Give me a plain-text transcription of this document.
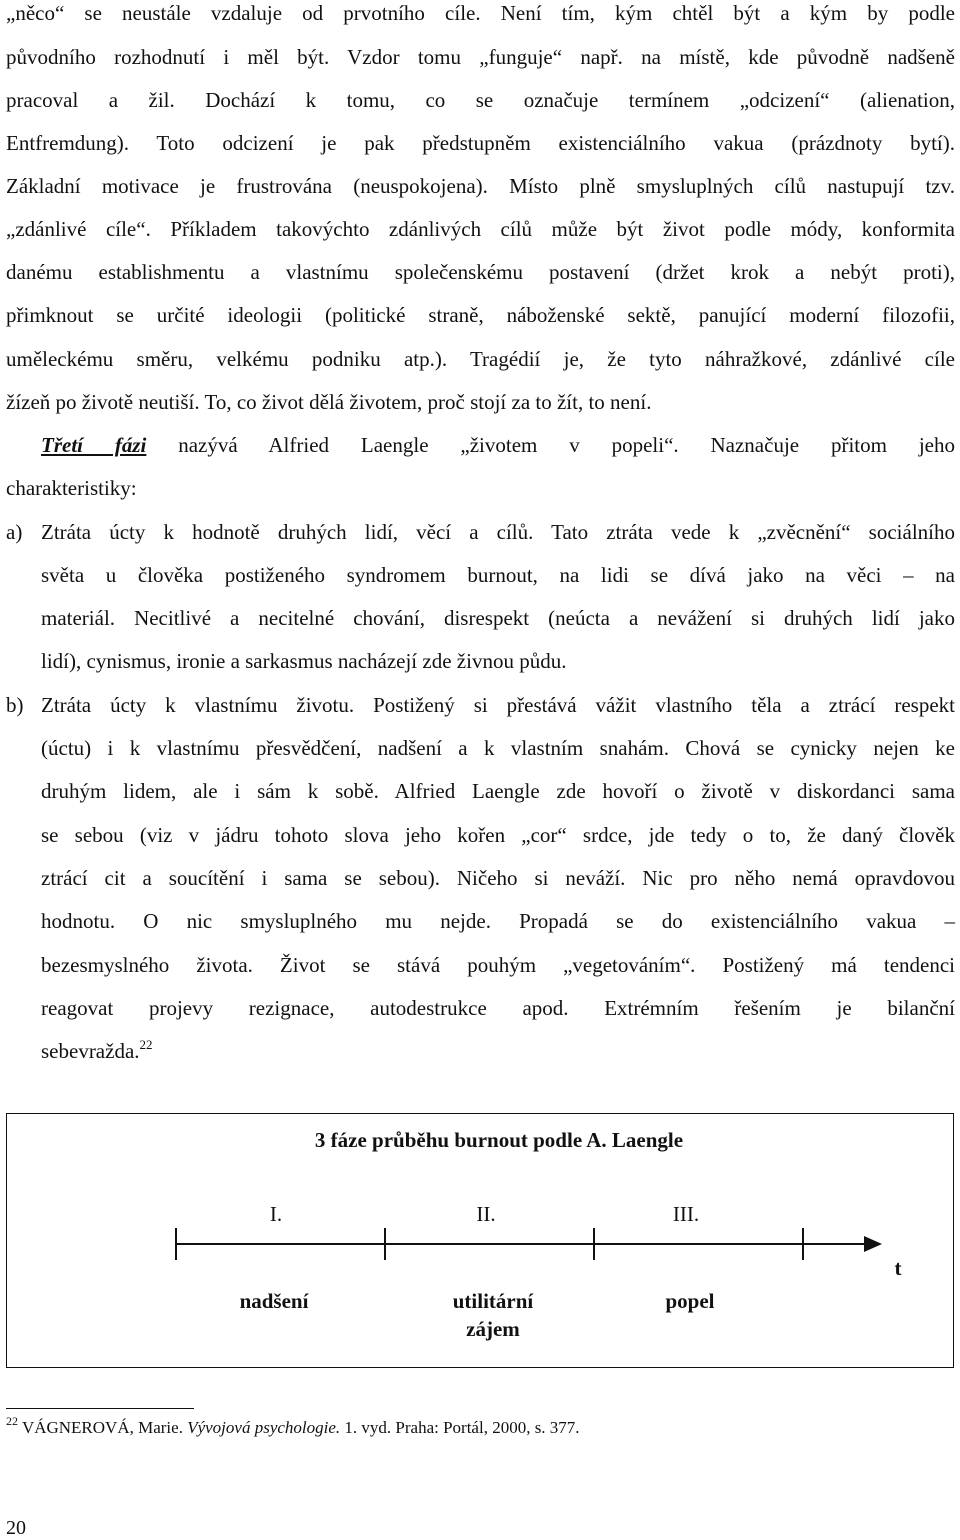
„něco“ se neustále vzdaluje od prvotního cíle. Není tím, kým chtěl být a kým by podle
původního rozhodnutí i měl být. Vzdor tomu „funguje“ např. na místě, kde původně nadšeně
pracoval a žil. Dochází k tomu, co se označuje termínem „odcizení“ (alienation,
Entfremdung). Toto odcizení je pak předstupněm existenciálního vakua (prázdnoty bytí).
Základní motivace je frustrována (neuspokojena). Místo plně smysluplných cílů nastupují tzv.
„zdánlivé cíle“. Příkladem takovýchto zdánlivých cílů může být život podle módy, konformita
danému establishmentu a vlastnímu společenskému postavení (držet krok a nebýt proti),
přimknout se určité ideologii (politické straně, náboženské sektě, panující moderní filozofii,
uměleckému směru, velkému podniku atp.). Tragédií je, že tyto náhražkové, zdánlivé cíle
žízeň po životě neutiší. To, co život dělá životem, proč stojí za to žít, to není.
Třetí fázi nazývá Alfried Laengle „životem v popeli“. Naznačuje přitom jeho
charakteristiky:
a) Ztráta úcty k hodnotě druhých lidí, věcí a cílů. Tato ztráta vede k „zvěcnění“ sociálního
světa u člověka postiženého syndromem burnout, na lidi se dívá jako na věci – na
materiál. Necitlivé a necitelné chování, disrespekt (neúcta a nevážení si druhých lidí jako
lidí), cynismus, ironie a sarkasmus nacházejí zde živnou půdu.
b) Ztráta úcty k vlastnímu životu. Postižený si přestává vážit vlastního těla a ztrácí respekt
(úctu) i k vlastnímu přesvědčení, nadšení a k vlastním snahám. Chová se cynicky nejen ke
druhým lidem, ale i sám k sobě. Alfried Laengle zde hovoří o životě v diskordanci sama
se sebou (viz v jádru tohoto slova jeho kořen „cor“ srdce, jde tedy o to, že daný člověk
ztrácí cit a soucítění i sama se sebou). Ničeho si neváží. Nic pro něho nemá opravdovou
hodnotu. O nic smysluplného mu nejde. Propadá se do existenciálního vakua –
bezesmyslného života. Život se stává pouhým „vegetováním“. Postižený má tendenci
reagovat projevy rezignace, autodestrukce apod. Extrémním řešením je bilanční
sebevražda.$^{22}$
3 fáze průběhu burnout podle A. Laengle
I.	II.	III.
t
nadšení	utilitární
zájem
popel
$^{22}$ VÁGNEROVÁ, Marie. Vývojová psychologie. 1. vyd. Praha: Portál, 2000, s. 377.
20
